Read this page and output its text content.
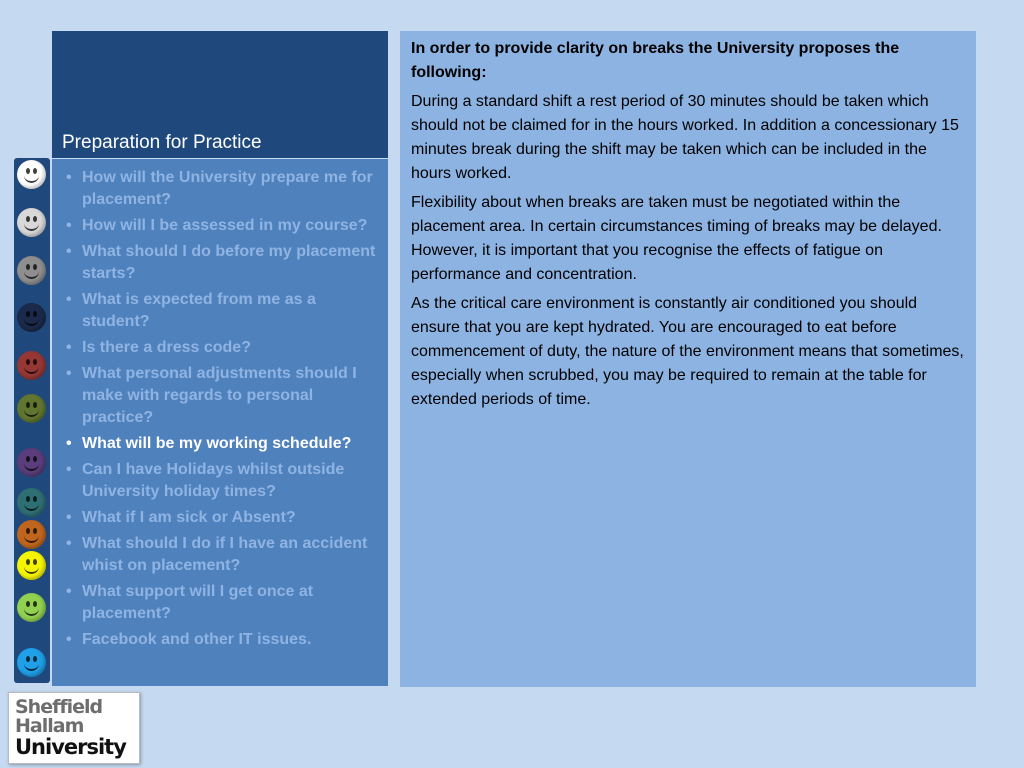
Preparation for Practice
• How will the University prepare me for placement?
• How will I be assessed in my course?
• What should I do before my placement starts?
• What is expected from me as a student?
• Is there a dress code?
• What personal adjustments should I make with regards to personal practice?
• What will be my working schedule?
• Can I have Holidays whilst outside University holiday times?
• What if I am sick or Absent?
• What should I do if I have an accident whist on placement?
• What support will I get once at placement?
• Facebook and other IT issues.

In order to provide clarity on breaks the University proposes the following:

During a standard shift a rest period of 30 minutes should be taken which should not be claimed for in the hours worked. In addition a concessionary 15 minutes break during the shift may be taken which can be included in the hours worked.

Flexibility about when breaks are taken must be negotiated within the placement area. In certain circumstances timing of breaks may be delayed. However, it is important that you recognise the effects of fatigue on performance and concentration.

As the critical care environment is constantly air conditioned you should ensure that you are kept hydrated. You are encouraged to eat before commencement of duty, the nature of the environment means that sometimes, especially when scrubbed, you may be required to remain at the table for extended periods of time.

Sheffield
Hallam
University
